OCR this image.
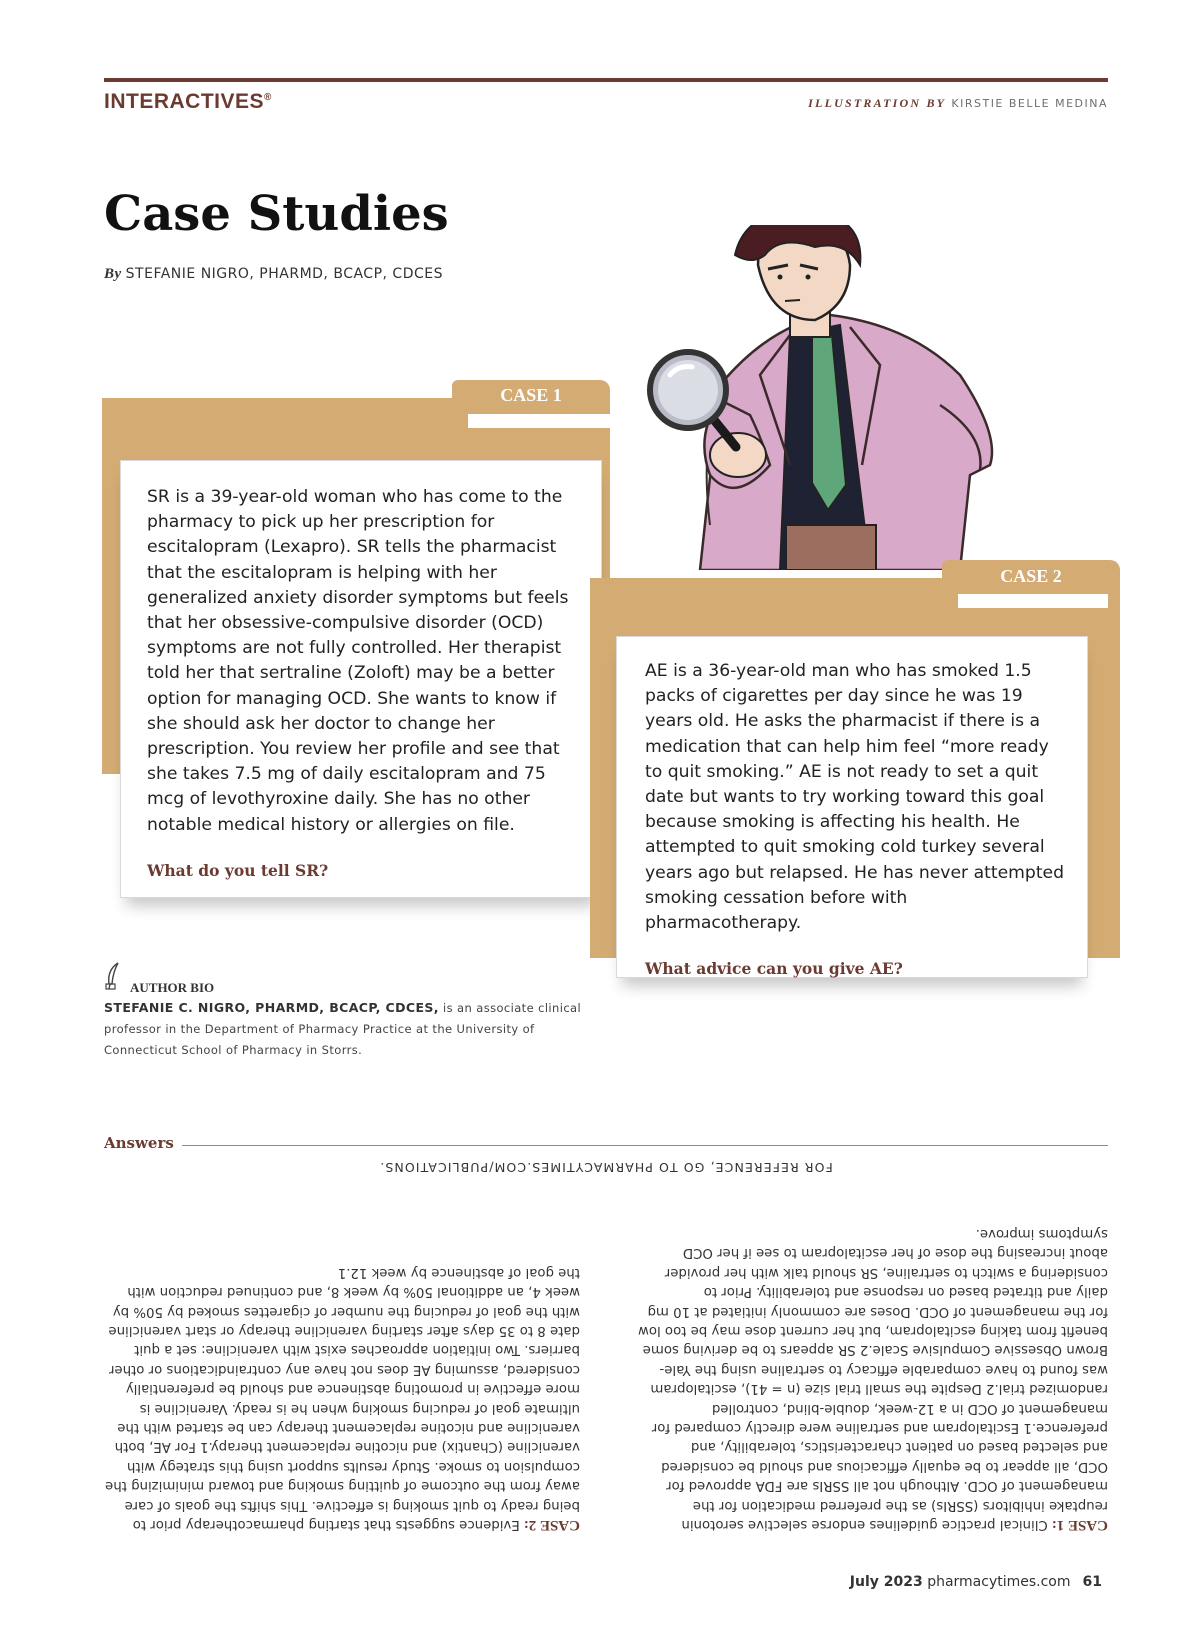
INTERACTIVES®	ILLUSTRATION BY KIRSTIE BELLE MEDINA
Case Studies
By STEFANIE NIGRO, PHARMD, BCACP, CDCES
CASE 1

SR is a 39-year-old woman who has come to the pharmacy to pick up her prescription for escitalopram (Lexapro). SR tells the pharmacist that the escitalopram is helping with her generalized anxiety disorder symptoms but feels that her obsessive-compulsive disorder (OCD) symptoms are not fully controlled. Her therapist told her that sertraline (Zoloft) may be a better option for managing OCD. She wants to know if she should ask her doctor to change her prescription. You review her profile and see that she takes 7.5 mg of daily escitalopram and 75 mcg of levothyroxine daily. She has no other notable medical history or allergies on file.

What do you tell SR?

CASE 2

AE is a 36-year-old man who has smoked 1.5 packs of cigarettes per day since he was 19 years old. He asks the pharmacist if there is a medication that can help him feel “more ready to quit smoking.” AE is not ready to set a quit date but wants to try working toward this goal because smoking is affecting his health. He attempted to quit smoking cold turkey several years ago but relapsed. He has never attempted smoking cessation before with pharmacotherapy.

What advice can you give AE?

AUTHOR BIO
STEFANIE C. NIGRO, PHARMD, BCACP, CDCES, is an associate clinical professor in the Department of Pharmacy Practice at the University of Connecticut School of Pharmacy in Storrs.
Answers
CASE 1:Clinical practice guidelines endorse selective serotonin reuptake inhibitors (SSRIs) as the preferred medication for the management of OCD. Although not all SSRIs are FDA approved for OCD, all appear to be equally efficacious and should be considered and selected based on patient characteristics, tolerability, and preference.1 Escitalopram and sertraline were directly compared for management of OCD in a 12-week, double-blind, controlled randomized trial.2 Despite the small trial size (n = 41), escitalopram was found to have comparable efficacy to sertraline using the Yale-Brown Obsessive Compulsive Scale.2 SR appears to be deriving some benefit from taking escitalopram, but her current dose may be too low for the management of OCD. Doses are commonly initiated at 10 mg daily and titrated based on response and tolerability. Prior to considering a switch to sertraline, SR should talk with her provider about increasing the dose of her escitalopram to see if her OCD symptoms improve.
CASE 2:Evidence suggests that starting pharmacotherapy prior to being ready to quit smoking is effective. This shifts the goals of care away from the outcome of quitting smoking and toward minimizing the compulsion to smoke. Study results support using this strategy with varenicline (Chantix) and nicotine replacement therapy.1 For AE, both varenicline and nicotine replacement therapy can be started with the ultimate goal of reducing smoking when he is ready. Varenicline is more effective in promoting abstinence and should be preferentially considered, assuming AE does not have any contraindications or other barriers. Two initiation approaches exist with varenicline: set a quit date 8 to 35 days after starting varenicline therapy or start varenicline with the goal of reducing the number of cigarettes smoked by 50% by week 4, an additional 50% by week 8, and continued reduction with the goal of abstinence by week 12.1
FOR REFERENCE, GO TO PHARMACYTIMES.COM/PUBLICATIONS.
July 2023 pharmacytimes.com 61
